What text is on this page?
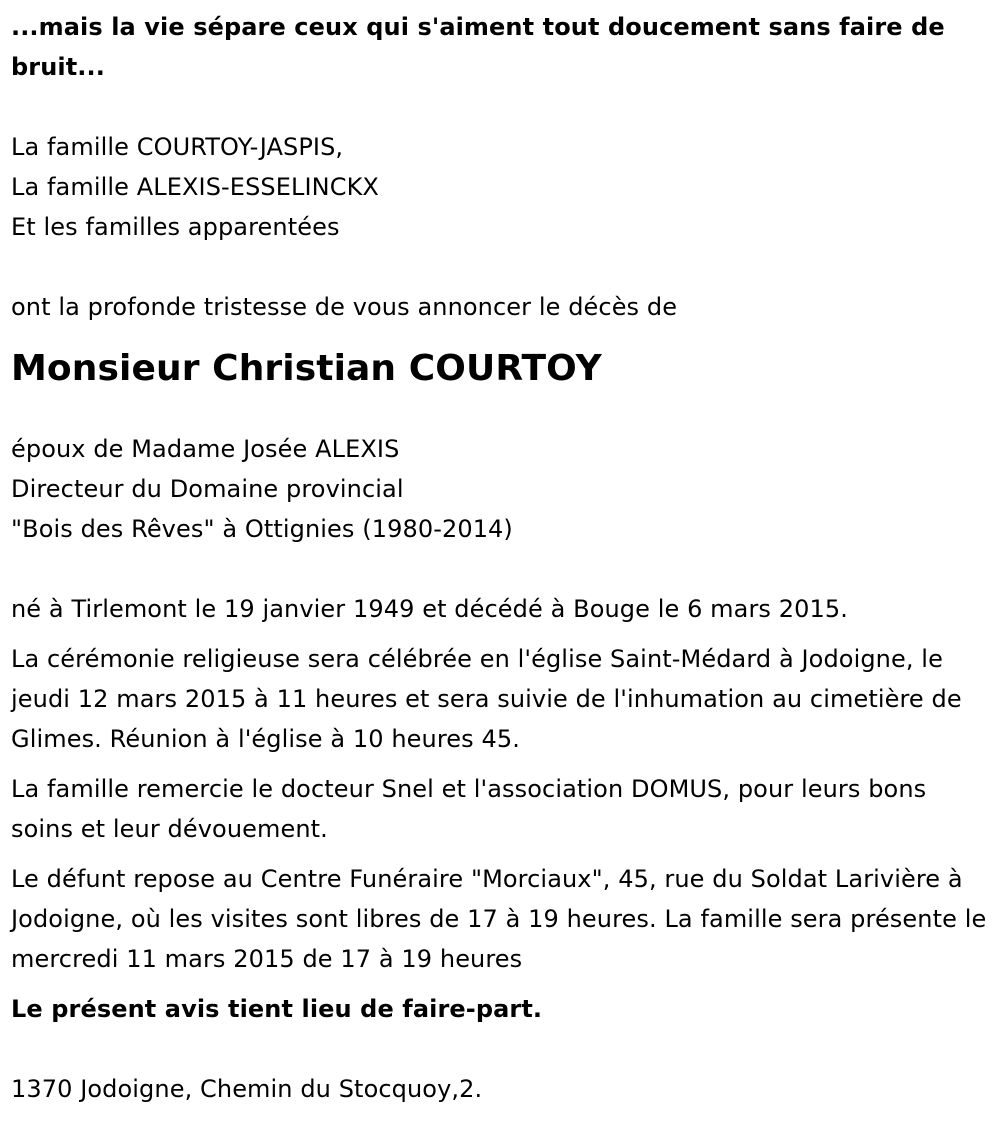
...mais la vie sépare ceux qui s'aiment tout doucement sans faire de bruit...

La famille COURTOY-JASPIS,
La famille ALEXIS-ESSELINCKX
Et les familles apparentées

ont la profonde tristesse de vous annoncer le décès de

Monsieur Christian COURTOY

époux de Madame Josée ALEXIS
Directeur du Domaine provincial
"Bois des Rêves" à Ottignies (1980-2014)

né à Tirlemont le 19 janvier 1949 et décédé à Bouge le 6 mars 2015.

La cérémonie religieuse sera célébrée en l'église Saint-Médard à Jodoigne, le jeudi 12 mars 2015 à 11 heures et sera suivie de l'inhumation au cimetière de Glimes. Réunion à l'église à 10 heures 45.

La famille remercie le docteur Snel et l'association DOMUS, pour leurs bons soins et leur dévouement.

Le défunt repose au Centre Funéraire "Morciaux", 45, rue du Soldat Larivière à Jodoigne, où les visites sont libres de 17 à 19 heures. La famille sera présente le mercredi 11 mars 2015 de 17 à 19 heures

Le présent avis tient lieu de faire-part.

1370 Jodoigne, Chemin du Stocquoy,2.
